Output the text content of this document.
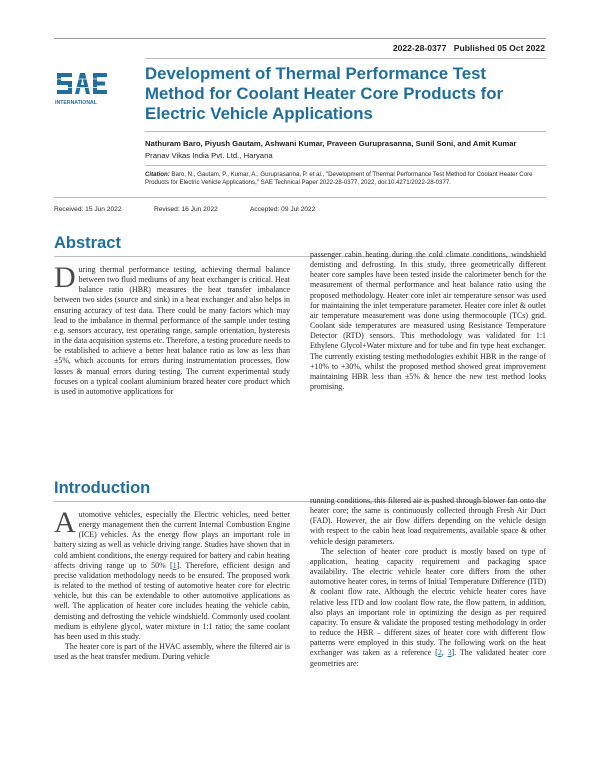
2022-28-0377 Published 05 Oct 2022
INTERNATIONAL
Development of Thermal Performance Test Method for Coolant Heater Core Products for Electric Vehicle Applications
Nathuram Baro, Piyush Gautam, Ashwani Kumar, Praveen Guruprasanna, Sunil Soni, and Amit Kumar
Pranav Vikas India Pvt. Ltd., Haryana
Citation: Baro, N., Gautam, P., Kumar, A., Guruprasanna, P. et al., "Development of Thermal Performance Test Method for Coolant Heater Core Products for Electric Vehicle Applications," SAE Technical Paper 2022-28-0377, 2022, doi:10.4271/2022-28-0377.
Received: 15 Jun 2022	Revised: 16 Jun 2022	Accepted: 09 Jul 2022
Abstract

During thermal performance testing, achieving thermal balance between two fluid mediums of any heat exchanger is critical. Heat balance ratio (HBR) measures the heat transfer imbalance between two sides (source and sink) in a heat exchanger and also helps in ensuring accuracy of test data. There could be many factors which may lead to the imbalance in thermal performance of the sample under testing e.g. sensors accuracy, test operating range, sample orientation, hysteresis in the data acquisition systems etc. Therefore, a testing procedure needs to be established to achieve a better heat balance ratio as low as less than ±5%, which accounts for errors during instrumentation processes, flow losses & manual errors during testing. The current experimental study focuses on a typical coolant aluminium brazed heater core product which is used in automotive applications for

passenger cabin heating during the cold climate conditions, windshield demisting and defrosting. In this study, three geometrically different heater core samples have been tested inside the calorimeter bench for the measurement of thermal performance and heat balance ratio using the proposed methodology. Heater core inlet air temperature sensor was used for maintaining the inlet temperature parameter. Heater core inlet & outlet air temperature measurement was done using thermocouple (TCs) grid. Coolant side temperatures are measured using Resistance Temperature Detector (RTD) sensors. This methodology was validated for 1:1 Ethylene Glycol+Water mixture and for tube and fin type heat exchanger. The currently existing testing methodologies exhibit HBR in the range of +10% to +30%, whilst the proposed method showed great improvement maintaining HBR less than ±5% & hence the new test method looks promising.

Introduction

Automotive vehicles, especially the Electric vehicles, need better energy management then the current Internal Combustion Engine (ICE) vehicles. As the energy flow plays an important role in battery sizing as well as vehicle driving range. Studies have shown that in cold ambient conditions, the energy required for battery and cabin heating affects driving range up to 50% [1]. Therefore, efficient design and precise validation methodology needs to be ensured. The proposed work is related to the method of testing of automotive heater core for electric vehicle, but this can be extendable to other automotive applications as well. The application of heater core includes heating the vehicle cabin, demisting and defrosting the vehicle windshield. Commonly used coolant medium is ethylene glycol, water mixture in 1:1 ratio; the same coolant has been used in this study.

The heater core is part of the HVAC assembly, where the filtered air is used as the heat transfer medium. During vehicle

running conditions, this filtered air is pushed through blower fan onto the heater core; the same is continuously collected through Fresh Air Duct (FAD). However, the air flow differs depending on the vehicle design with respect to the cabin heat load requirements, available space & other vehicle design parameters.

The selection of heater core product is mostly based on type of application, heating capacity requirement and packaging space availability. The electric vehicle heater core differs from the other automotive heater cores, in terms of Initial Temperature Difference (ITD) & coolant flow rate. Although the electric vehicle heater cores have relative less ITD and low coolant flow rate, the flow pattern, in addition, also plays an important role in optimizing the design as per required capacity. To ensure & validate the proposed testing methodology in order to reduce the HBR – different sizes of heater core with different flow patterns were employed in this study. The following work on the heat exchanger was taken as a reference [2, 3]. The validated heater core geometries are:
